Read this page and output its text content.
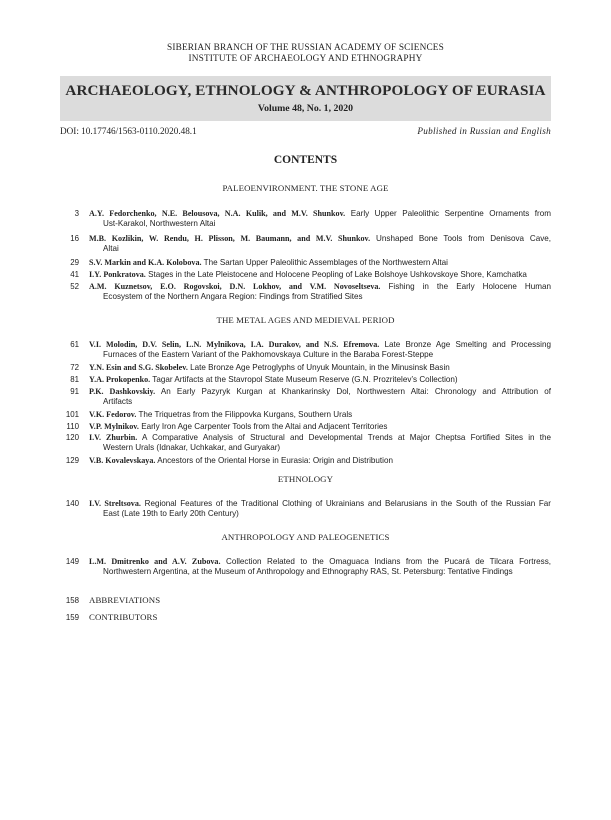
SIBERIAN BRANCH OF THE RUSSIAN ACADEMY OF SCIENCES
INSTITUTE OF ARCHAEOLOGY AND ETHNOGRAPHY
ARCHAEOLOGY, ETHNOLOGY & ANTHROPOLOGY OF EURASIA
Volume 48, No. 1, 2020
DOI: 10.17746/1563-0110.2020.48.1	Published in Russian and English
CONTENTS
PALEOENVIRONMENT. THE STONE AGE
3 A.Y. Fedorchenko, N.E. Belousova, N.A. Kulik, and M.V. Shunkov. Early Upper Paleolithic Serpentine Ornaments from
Ust-Karakol, Northwestern Altai
16 M.B. Kozlikin, W. Rendu, H. Plisson, M. Baumann, and M.V. Shunkov. Unshaped Bone Tools from Denisova Cave,
Altai
29 S.V. Markin and K.A. Kolobova. The Sartan Upper Paleolithic Assemblages of the Northwestern Altai
41 I.Y. Ponkratova. Stages in the Late Pleistocene and Holocene Peopling of Lake Bolshoye Ushkovskoye Shore, Kamchatka
52 A.M. Kuznetsov, E.O. Rogovskoi, D.N. Lokhov, and V.M. Novoseltseva. Fishing in the Early Holocene Human
Ecosystem of the Northern Angara Region: Findings from Stratified Sites
THE METAL AGES AND MEDIEVAL PERIOD
61 V.I. Molodin, D.V. Selin, L.N. Mylnikova, I.A. Durakov, and N.S. Efremova. Late Bronze Age Smelting and Processing
Furnaces of the Eastern Variant of the Pakhomovskaya Culture in the Baraba Forest-Steppe
72 Y.N. Esin and S.G. Skobelev. Late Bronze Age Petroglyphs of Unyuk Mountain, in the Minusinsk Basin
81 Y.A. Prokopenko. Tagar Artifacts at the Stavropol State Museum Reserve (G.N. Prozritelev’s Collection)
91 P.K. Dashkovskiy. An Early Pazyryk Kurgan at Khankarinsky Dol, Northwestern Altai: Chronology and Attribution of
Artifacts
101 V.K. Fedorov. The Triquetras from the Filippovka Kurgans, Southern Urals
110 V.P. Mylnikov. Early Iron Age Carpenter Tools from the Altai and Adjacent Territories
120 I.V. Zhurbin. A Comparative Analysis of Structural and Developmental Trends at Major Cheptsa Fortified Sites in the
Western Urals (Idnakar, Uchkakar, and Guryakar)
129 V.B. Kovalevskaya. Ancestors of the Oriental Horse in Eurasia: Origin and Distribution
ETHNOLOGY
140 I.V. Streltsova. Regional Features of the Traditional Clothing of Ukrainians and Belarusians in the South of the Russian Far
East (Late 19th to Early 20th Century)
ANTHROPOLOGY AND PALEOGENETICS
149 L.M. Dmitrenko and A.V. Zubova. Collection Related to the Omaguaca Indians from the Pucará de Tilcara Fortress,
Northwestern Argentina, at the Museum of Anthropology and Ethnography RAS, St. Petersburg: Tentative Findings
158 ABBREVIATIONS
159 CONTRIBUTORS
